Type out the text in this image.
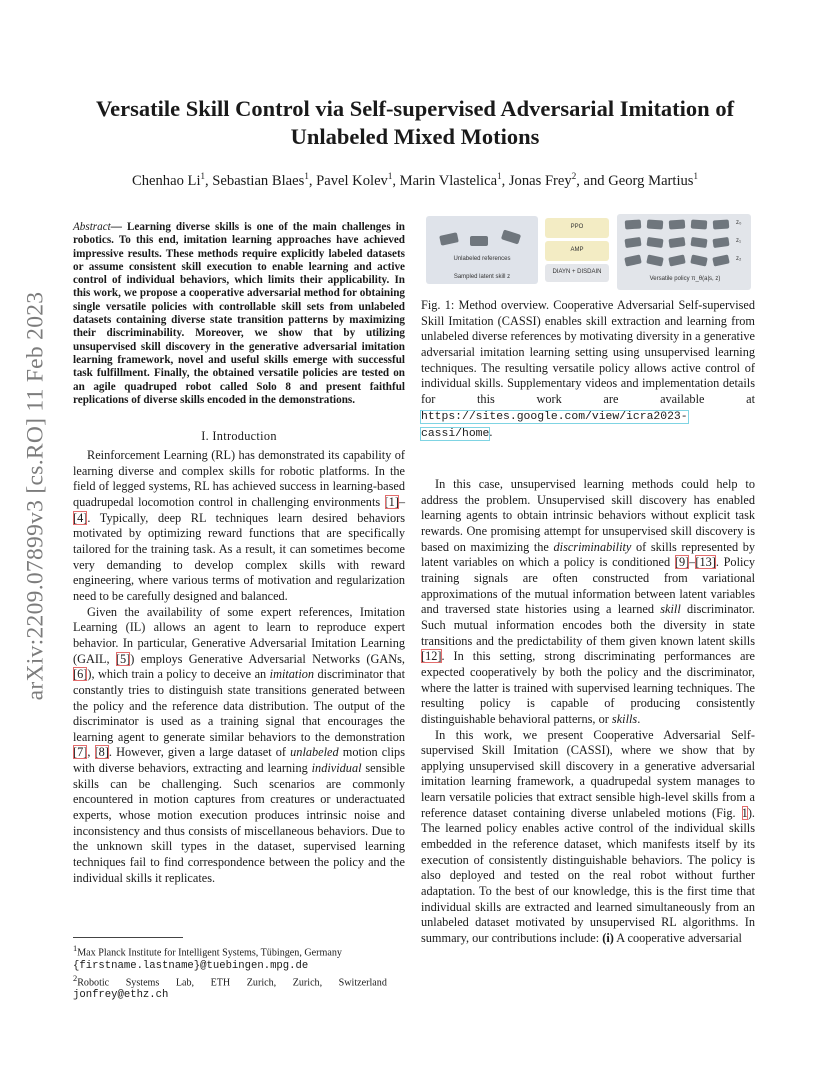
Versatile Skill Control via Self-supervised Adversarial Imitation of Unlabeled Mixed Motions
Chenhao Li$^1$, Sebastian Blaes$^1$, Pavel Kolev$^1$, Marin Vlastelica$^1$, Jonas Frey$^2$, and Georg Martius$^1$
arXiv:2209.07899v3 [cs.RO] 11 Feb 2023
Abstract— Learning diverse skills is one of the main challenges in robotics. To this end, imitation learning approaches have achieved impressive results. These methods require explicitly labeled datasets or assume consistent skill execution to enable learning and active control of individual behaviors, which limits their applicability. In this work, we propose a cooperative adversarial method for obtaining single versatile policies with controllable skill sets from unlabeled datasets containing diverse state transition patterns by maximizing their discriminability. Moreover, we show that by utilizing unsupervised skill discovery in the generative adversarial imitation learning framework, novel and useful skills emerge with successful task fulfillment. Finally, the obtained versatile policies are tested on an agile quadruped robot called Solo 8 and present faithful replications of diverse skills encoded in the demonstrations.
I. Introduction

Reinforcement Learning (RL) has demonstrated its capability of learning diverse and complex skills for robotic platforms. In the field of legged systems, RL has achieved success in learning-based quadrupedal locomotion control in challenging environments [1]–[4]. Typically, deep RL techniques learn desired behaviors motivated by optimizing reward functions that are specifically tailored for the training task. As a result, it can sometimes become very demanding to develop complex skills with reward engineering, where various terms of motivation and regularization need to be carefully designed and balanced.

Given the availability of some expert references, Imitation Learning (IL) allows an agent to learn to reproduce expert behavior. In particular, Generative Adversarial Imitation Learning (GAIL, [5]) employs Generative Adversarial Networks (GANs, [6]), which train a policy to deceive an imitation discriminator that constantly tries to distinguish state transitions generated between the policy and the reference data distribution. The output of the discriminator is used as a training signal that encourages the learning agent to generate similar behaviors to the demonstration [7], [8]. However, given a large dataset of unlabeled motion clips with diverse behaviors, extracting and learning individual sensible skills can be challenging. Such scenarios are commonly encountered in motion captures from creatures or underactuated experts, whose motion execution produces intrinsic noise and inconsistency and thus consists of miscellaneous behaviors. Due to the unknown skill types in the dataset, supervised learning techniques fail to find correspondence between the policy and the individual skills it replicates.

$^1$Max Planck Institute for Intelligent Systems, Tübingen, Germany
{firstname.lastname}@tuebingen.mpg.de
$^2$Robotic Systems Lab, ETH Zurich, Zurich, Switzerland
jonfrey@ethz.ch
Unlabeled references
Sampled latent skill z
PPO
AMP
DIAYN + DISDAIN
z₀
z₁
z₂
Versatile policy π_θ(a|s, z)
Fig. 1: Method overview. Cooperative Adversarial Self-supervised Skill Imitation (CASSI) enables skill extraction and learning from unlabeled diverse references by motivating diversity in a generative adversarial imitation learning setting using unsupervised learning techniques. The resulting versatile policy allows active control of individual skills. Supplementary videos and implementation details for this work are available at https://sites.google.com/view/icra2023-cassi/home.

In this case, unsupervised learning methods could help to address the problem. Unsupervised skill discovery has enabled learning agents to obtain intrinsic behaviors without explicit task rewards. One promising attempt for unsupervised skill discovery is based on maximizing the discriminability of skills represented by latent variables on which a policy is conditioned [9]–[13]. Policy training signals are often constructed from variational approximations of the mutual information between latent variables and traversed state histories using a learned skill discriminator. Such mutual information encodes both the diversity in state transitions and the predictability of them given known latent skills [12]. In this setting, strong discriminating performances are expected cooperatively by both the policy and the discriminator, where the latter is trained with supervised learning techniques. The resulting policy is capable of producing consistently distinguishable behavioral patterns, or skills.

In this work, we present Cooperative Adversarial Self-supervised Skill Imitation (CASSI), where we show that by applying unsupervised skill discovery in a generative adversarial imitation learning framework, a quadrupedal system manages to learn versatile policies that extract sensible high-level skills from a reference dataset containing diverse unlabeled motions (Fig. 1). The learned policy enables active control of the individual skills embedded in the reference dataset, which manifests itself by its execution of consistently distinguishable behaviors. The policy is also deployed and tested on the real robot without further adaptation. To the best of our knowledge, this is the first time that individual skills are extracted and learned simultaneously from an unlabeled dataset motivated by unsupervised RL algorithms. In summary, our contributions include: (i) A cooperative adversarial
